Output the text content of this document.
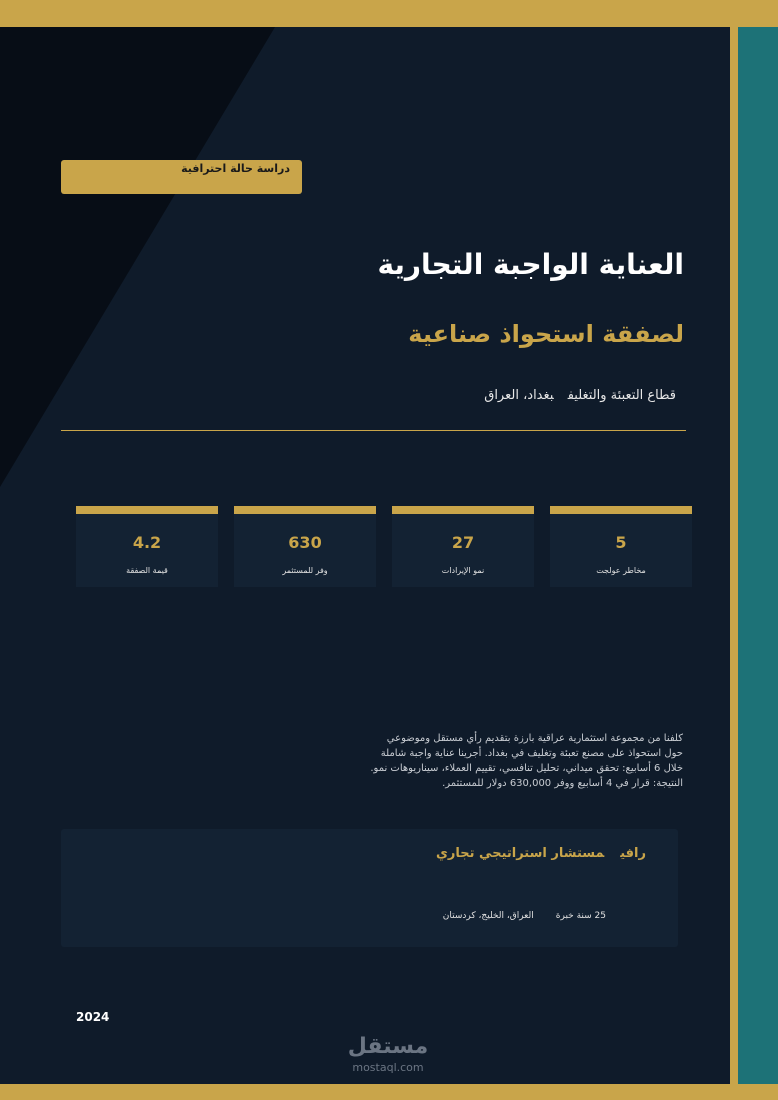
دراسة حالة احترافية
العناية الواجبة التجارية
لصفقة استحواذ صناعية
قطاع التعبئة والتغليفبغداد، العراق
4.2
قيمة الصفقة
630
وفر للمستثمر
27
نمو الإيرادات
5
مخاطر عولجت
كلفنا من مجموعة استثمارية عراقية بارزة بتقديم رأي مستقل وموضوعي
حول استحواذ على مصنع تعبئة وتغليف في بغداد. أجرينا عناية واجبة شاملة
خلال 6 أسابيع: تحقق ميداني، تحليل تنافسي، تقييم العملاء، سيناريوهات نمو.
النتيجة: قرار في 4 أسابيع ووفر 630,000 دولار للمستثمر.
رافيمستشار استراتيجي تجاري
25 سنة خبرةالعراق، الخليج، كردستان
2024
مستقل
mostaql.com
